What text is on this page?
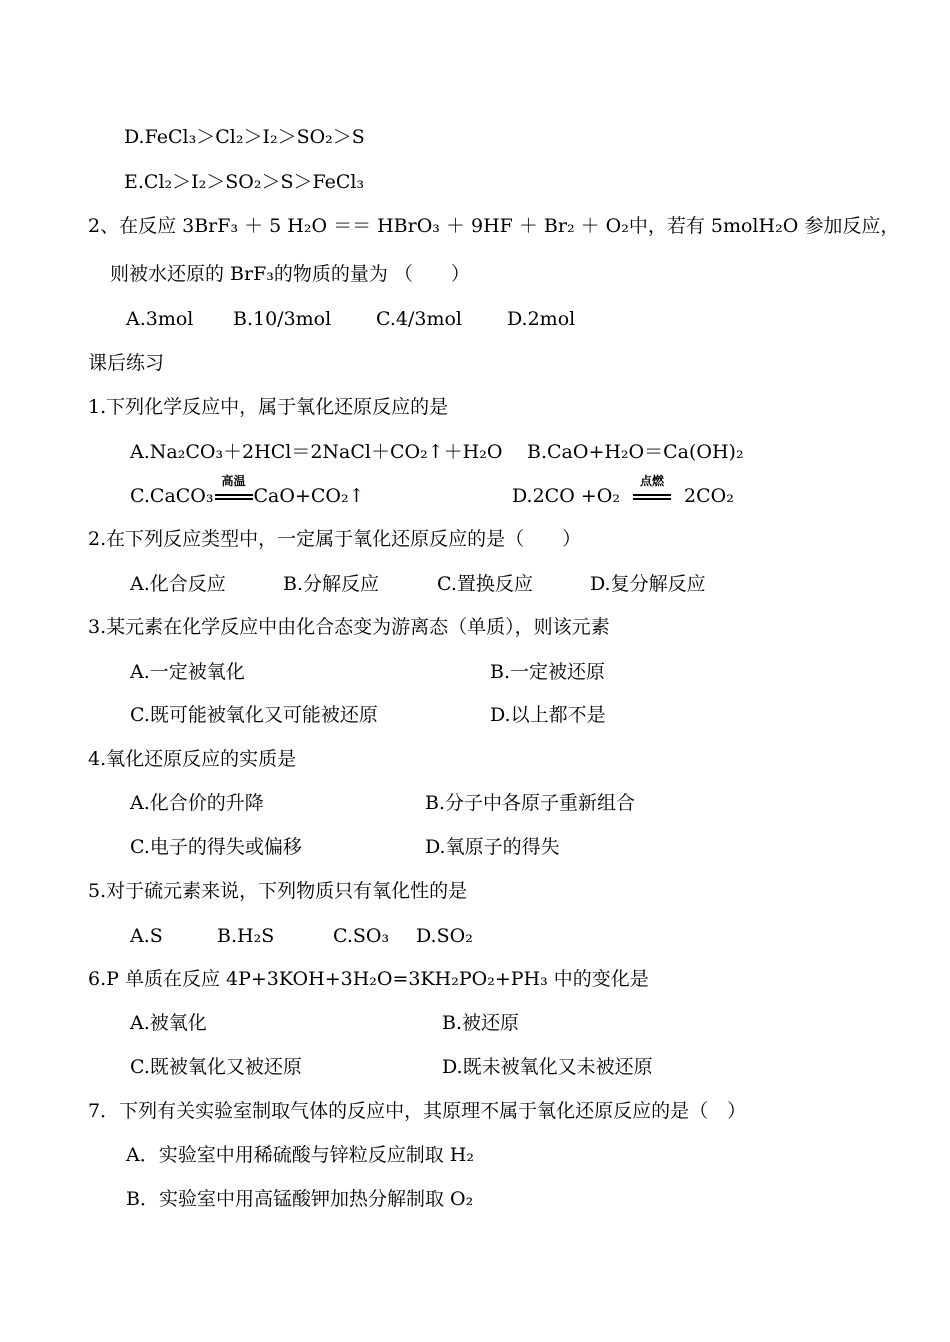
D.FeCl₃＞Cl₂＞I₂＞SO₂＞S
E.Cl₂＞I₂＞SO₂＞S＞FeCl₃
2、在反应 3BrF₃ ＋ 5 H₂O ＝＝ HBrO₃ ＋ 9HF ＋ Br₂ ＋ O₂中，若有 5molH₂O 参加反应，
则被水还原的 BrF₃的物质的量为 （　　）
A.3mol B.10/3mol C.4/3mol D.2mol
课后练习
1.下列化学反应中，属于氧化还原反应的是
A.Na₂CO₃＋2HCl＝2NaCl＋CO₂↑＋H₂O B.CaO+H₂O＝Ca(OH)₂
C.CaCO₃
高温
CaO+CO₂↑	D.2CO +O₂
点燃
2CO₂
2.在下列反应类型中，一定属于氧化还原反应的是（　　）
A.化合反应	B.分解反应	C.置换反应	D.复分解反应
3.某元素在化学反应中由化合态变为游离态（单质），则该元素
A.一定被氧化	B.一定被还原
C.既可能被氧化又可能被还原	D.以上都不是
4.氧化还原反应的实质是
A.化合价的升降	B.分子中各原子重新组合
C.电子的得失或偏移	D.氧原子的得失
5.对于硫元素来说，下列物质只有氧化性的是
A.S	B.H₂S	C.SO₃ D.SO₂
6.P 单质在反应 4P+3KOH+3H₂O=3KH₂PO₂+PH₃ 中的变化是
A.被氧化	B.被还原
C.既被氧化又被还原	D.既未被氧化又未被还原
7．下列有关实验室制取气体的反应中，其原理不属于氧化还原反应的是（　）
A．实验室中用稀硫酸与锌粒反应制取 H₂
B．实验室中用高锰酸钾加热分解制取 O₂
